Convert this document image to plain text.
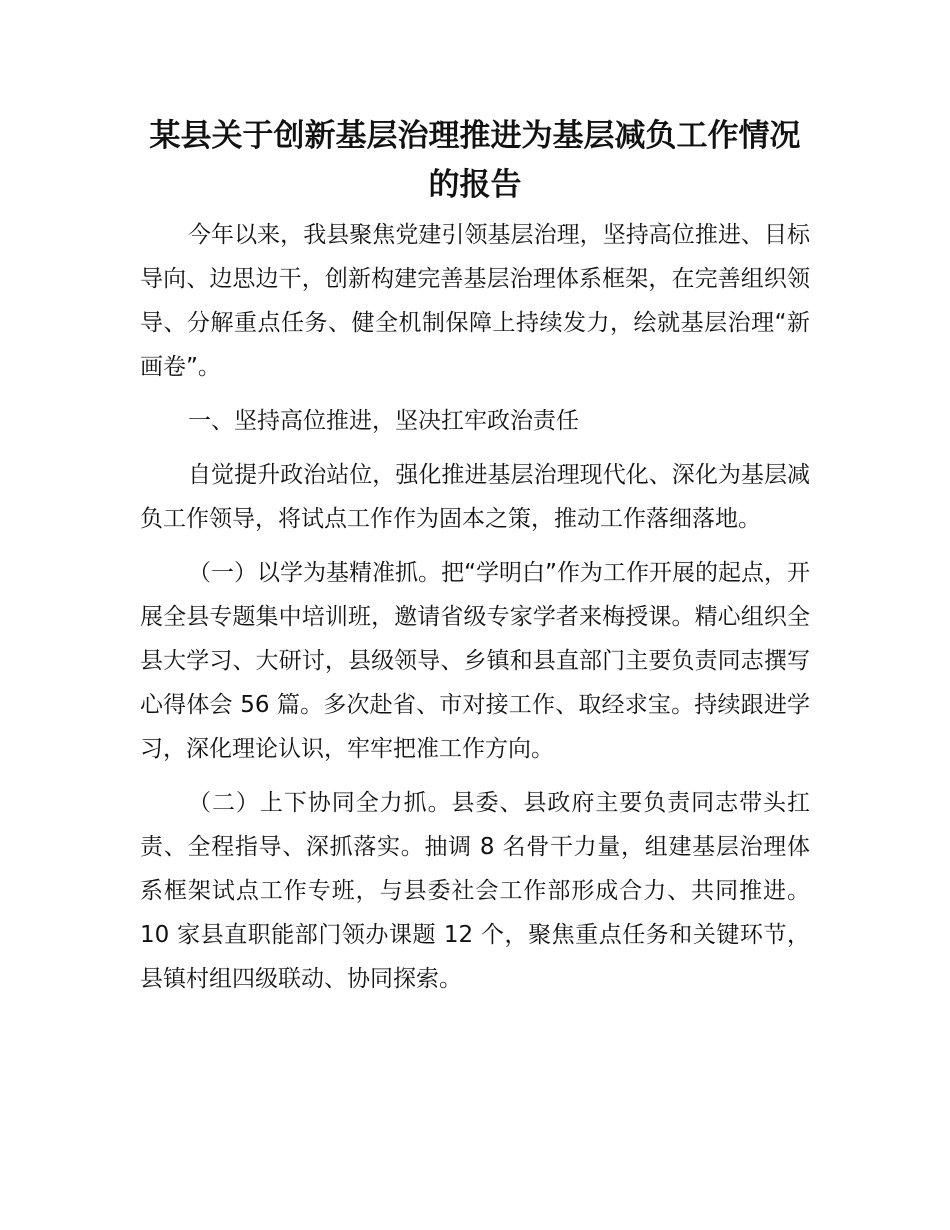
某县关于创新基层治理推进为基层减负工作情况的报告

今年以来，我县聚焦党建引领基层治理，坚持高位推进、目标导向、边思边干，创新构建完善基层治理体系框架，在完善组织领导、分解重点任务、健全机制保障上持续发力，绘就基层治理“新画卷”。

一、坚持高位推进，坚决扛牢政治责任

自觉提升政治站位，强化推进基层治理现代化、深化为基层减负工作领导，将试点工作作为固本之策，推动工作落细落地。

（一）以学为基精准抓。把“学明白”作为工作开展的起点，开展全县专题集中培训班，邀请省级专家学者来梅授课。精心组织全县大学习、大研讨，县级领导、乡镇和县直部门主要负责同志撰写心得体会 56 篇。多次赴省、市对接工作、取经求宝。持续跟进学习，深化理论认识，牢牢把准工作方向。

（二）上下协同全力抓。县委、县政府主要负责同志带头扛责、全程指导、深抓落实。抽调 8 名骨干力量，组建基层治理体系框架试点工作专班，与县委社会工作部形成合力、共同推进。10 家县直职能部门领办课题 12 个，聚焦重点任务和关键环节，县镇村组四级联动、协同探索。
